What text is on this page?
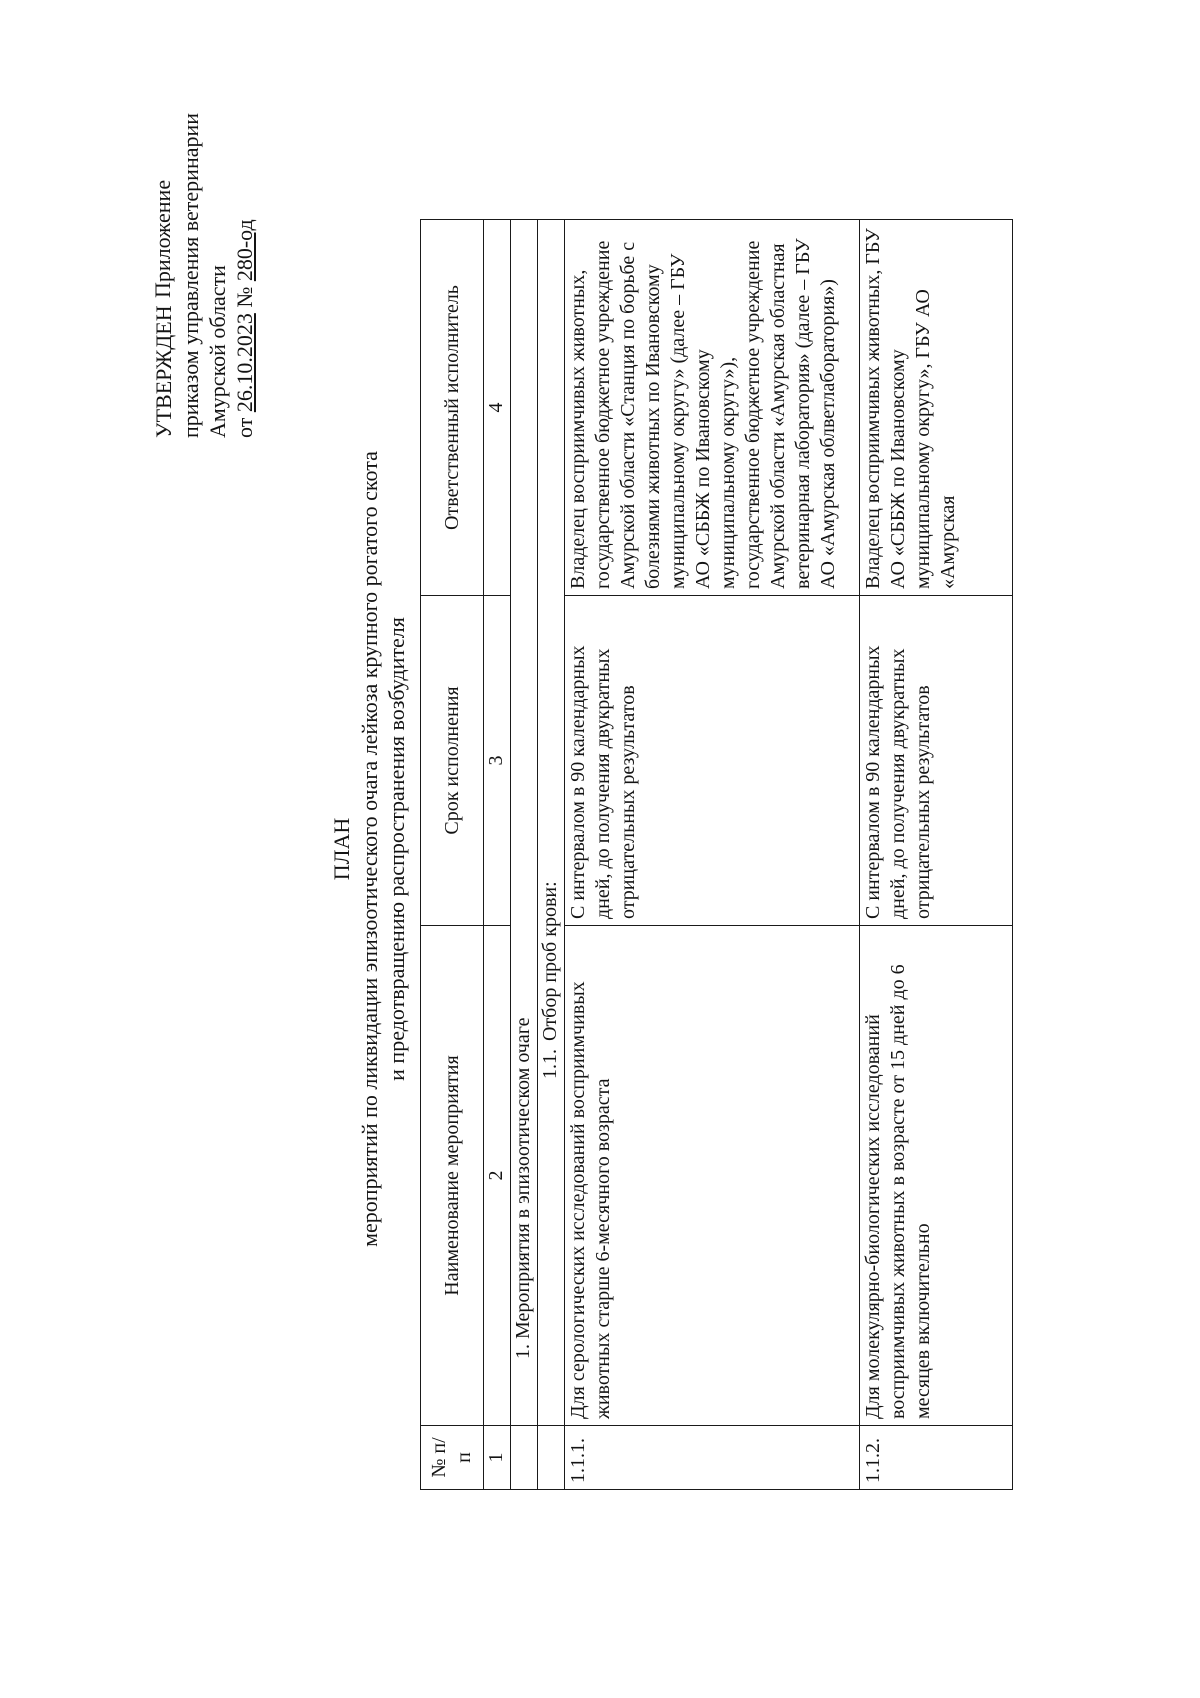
Приложение
УТВЕРЖДЕН приказом управления ветеринарии Амурской области от 26.10.2023 № 280-од
ПЛАН мероприятий по ликвидации эпизоотического очага лейкоза крупного рогатого скота и предотвращению распространения возбудителя
№ п/п	Наименование мероприятия	Срок исполнения	Ответственный исполнитель
1	2	3	4
	1. Мероприятия в эпизоотическом очаге		
	1.1.Отбор проб крови:		
1.1.1.	Для серологических исследований восприимчивых животных старше 6-месячного возраста	С интервалом в 90 календарных дней, до получения двукратных отрицательных результатов	Владелец восприимчивых животных, государственное бюджетное учреждение Амурской области «Станция по борьбе с болезнями животных по Ивановскому муниципальному округу» (далее – ГБУ АО «СББЖ по Ивановскому муниципальному округу»), государственное бюджетное учреждение Амурской области «Амурская областная ветеринарная лаборатория» (далее – ГБУ АО «Амурская облветлаборатория»)
1.1.2.	Для молекулярно-биологических исследований восприимчивых животных в возрасте от 15 дней до 6 месяцев включительно	С интервалом в 90 календарных дней, до получения двукратных отрицательных результатов	Владелец восприимчивых животных, ГБУ АО «СББЖ по Ивановскому муниципальному округу», ГБУ АО «Амурская
